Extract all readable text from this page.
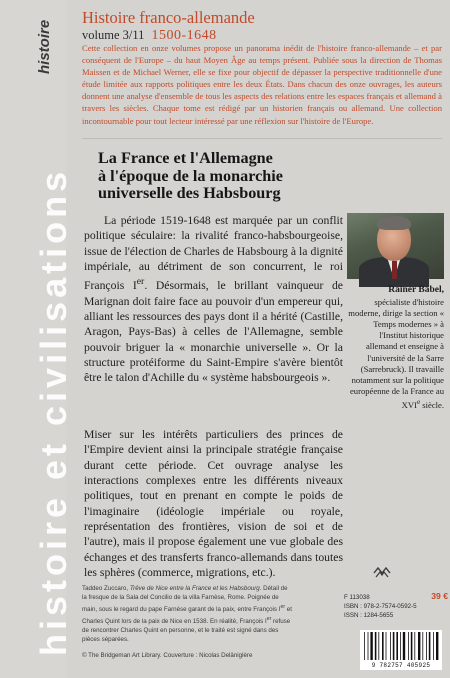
histoire et civilisations
histoire

Histoire franco-allemande

volume 3/11 1500-1648

Cette collection en onze volumes propose un panorama inédit de l'histoire franco-allemande – et par conséquent de l'Europe – du haut Moyen Âge au temps présent. Publiée sous la direction de Thomas Maissen et de Michael Werner, elle se fixe pour objectif de dépasser la perspective traditionnelle d'une étude limitée aux rapports politiques entre les deux États. Dans chacun des onze ouvrages, les auteurs donnent une analyse d'ensemble de tous les aspects des relations entre les espaces français et allemand à travers les siècles. Chaque tome est rédigé par un historien français ou allemand. Une collection incontournable pour tout lecteur intéressé par une réflexion sur l'histoire de l'Europe.

La France et l'Allemagne
à l'époque de la monarchie
universelle des Habsbourg

La période 1519-1648 est marquée par un conflit politique séculaire: la rivalité franco-habsbourgeoise, issue de l'élection de Charles de Habsbourg à la dignité impériale, au détriment de son concurrent, le roi François Ier. Désormais, le brillant vainqueur de Marignan doit faire face au pouvoir d'un empereur qui, alliant les ressources des pays dont il a hérité (Castille, Aragon, Pays-Bas) à celles de l'Allemagne, semble pouvoir briguer la « monarchie universelle ». Or la structure protéiforme du Saint-Empire s'avère bientôt être le talon d'Achille du « système habsbourgeois ».

Miser sur les intérêts particuliers des princes de l'Empire devient ainsi la principale stratégie française durant cette période. Cet ouvrage analyse les interactions complexes entre les différents niveaux politiques, tout en prenant en compte le poids de l'imaginaire (idéologie impériale ou royale, représentation des frontières, vision de soi et de l'autre), mais il propose également une vue globale des échanges et des transferts franco-allemands dans toutes les sphères (commerce, migrations, etc.).

Rainer Babel,
spécialiste d'histoire moderne, dirige la section « Temps modernes » à l'Institut historique allemand et enseigne à l'université de la Sarre (Sarrebruck). Il travaille notamment sur la politique européenne de la France au XVIe siècle.

Taddeo Zuccaro, Trêve de Nice entre la France et les Habsbourg. Détail de la fresque de la Sala del Concilio de la villa Farnèse, Rome. Poignée de main, sous le regard du pape Farnèse garant de la paix, entre François Ier et Charles Quint lors de la paix de Nice en 1538. En réalité, François Ier refuse de rencontrer Charles Quint en personne, et le traité est signé dans des pièces séparées.

© The Bridgeman Art Library. Couverture : Nicolas Deläniglère

F 113038	39 €
ISBN : 978-2-7574-0592-5
ISSN : 1284-5655
9 782757 405925
